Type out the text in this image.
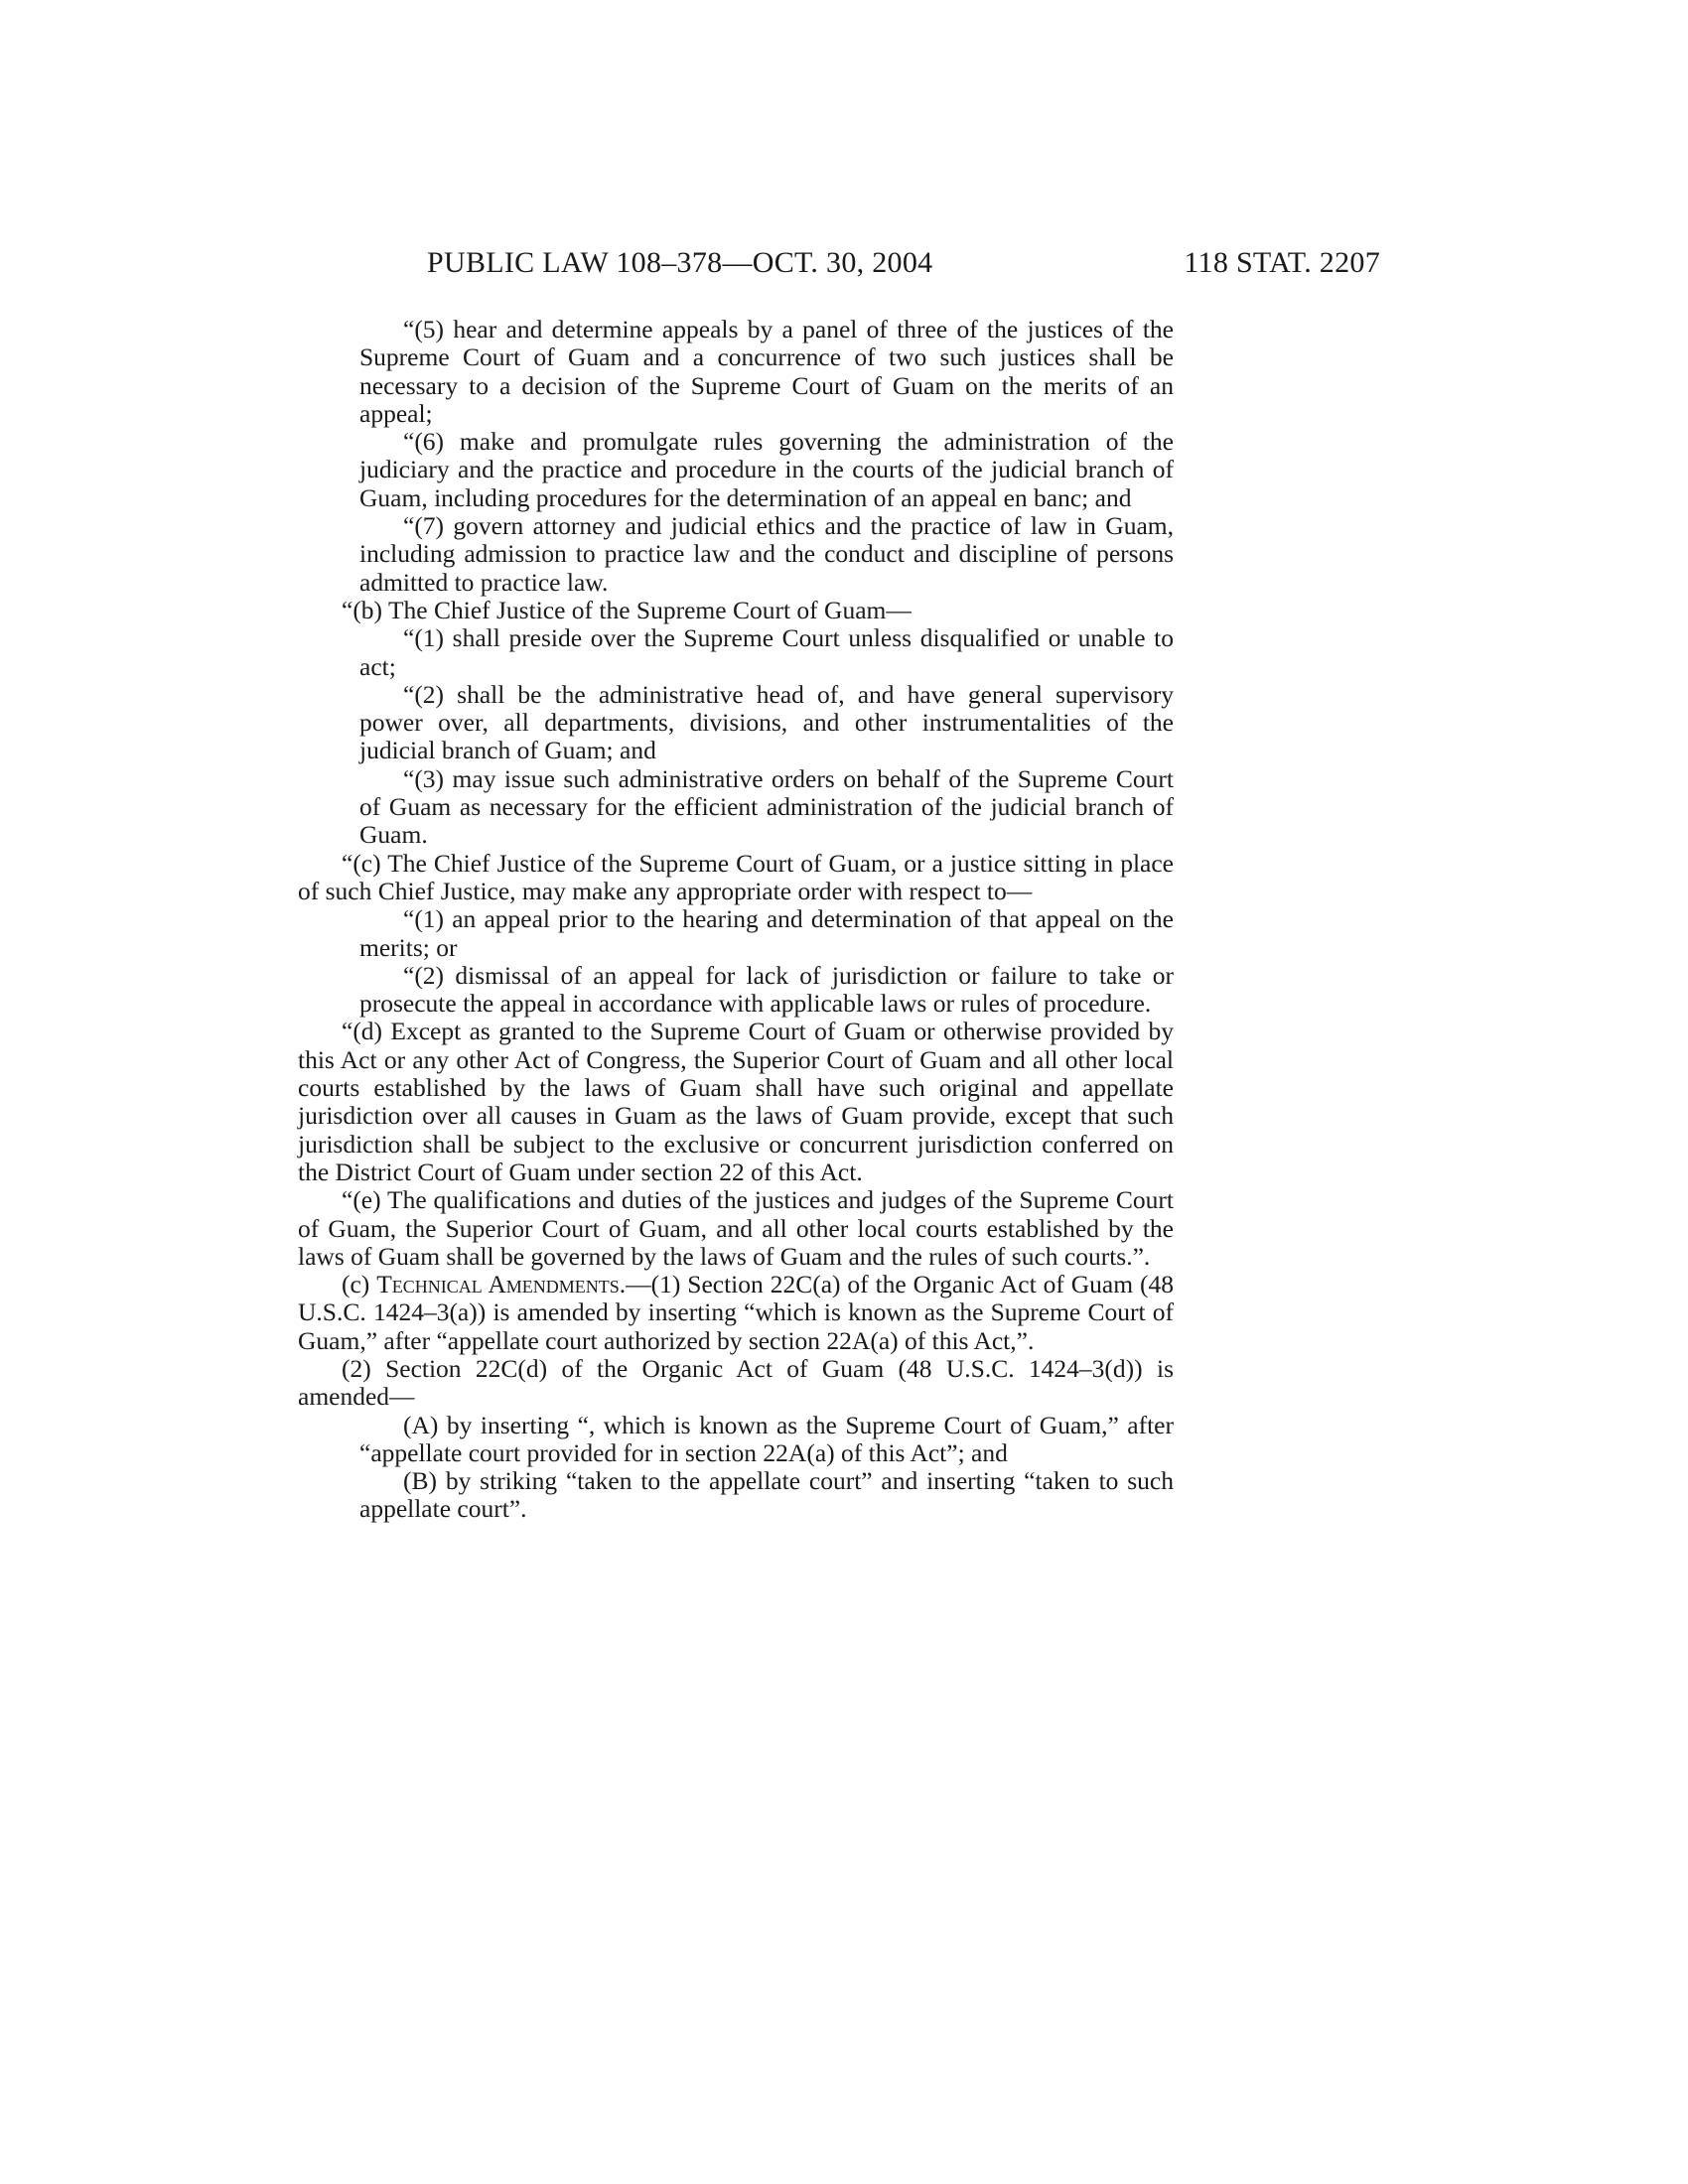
PUBLIC LAW 108–378—OCT. 30, 2004	118 STAT. 2207

“(5) hear and determine appeals by a panel of three of the justices of the Supreme Court of Guam and a concurrence of two such justices shall be necessary to a decision of the Supreme Court of Guam on the merits of an appeal;

“(6) make and promulgate rules governing the administration of the judiciary and the practice and procedure in the courts of the judicial branch of Guam, including procedures for the determination of an appeal en banc; and

“(7) govern attorney and judicial ethics and the practice of law in Guam, including admission to practice law and the conduct and discipline of persons admitted to practice law.

“(b) The Chief Justice of the Supreme Court of Guam—

“(1) shall preside over the Supreme Court unless disqualified or unable to act;

“(2) shall be the administrative head of, and have general supervisory power over, all departments, divisions, and other instrumentalities of the judicial branch of Guam; and

“(3) may issue such administrative orders on behalf of the Supreme Court of Guam as necessary for the efficient administration of the judicial branch of Guam.

“(c) The Chief Justice of the Supreme Court of Guam, or a justice sitting in place of such Chief Justice, may make any appropriate order with respect to—

“(1) an appeal prior to the hearing and determination of that appeal on the merits; or

“(2) dismissal of an appeal for lack of jurisdiction or failure to take or prosecute the appeal in accordance with applicable laws or rules of procedure.

“(d) Except as granted to the Supreme Court of Guam or otherwise provided by this Act or any other Act of Congress, the Superior Court of Guam and all other local courts established by the laws of Guam shall have such original and appellate jurisdiction over all causes in Guam as the laws of Guam provide, except that such jurisdiction shall be subject to the exclusive or concurrent jurisdiction conferred on the District Court of Guam under section 22 of this Act.

“(e) The qualifications and duties of the justices and judges of the Supreme Court of Guam, the Superior Court of Guam, and all other local courts established by the laws of Guam shall be governed by the laws of Guam and the rules of such courts.”.

(c) Technical Amendments.—(1) Section 22C(a) of the Organic Act of Guam (48 U.S.C. 1424–3(a)) is amended by inserting “which is known as the Supreme Court of Guam,” after “appellate court authorized by section 22A(a) of this Act,”.

(2) Section 22C(d) of the Organic Act of Guam (48 U.S.C. 1424–3(d)) is amended—

(A) by inserting “, which is known as the Supreme Court of Guam,” after “appellate court provided for in section 22A(a) of this Act”; and

(B) by striking “taken to the appellate court” and inserting “taken to such appellate court”.
